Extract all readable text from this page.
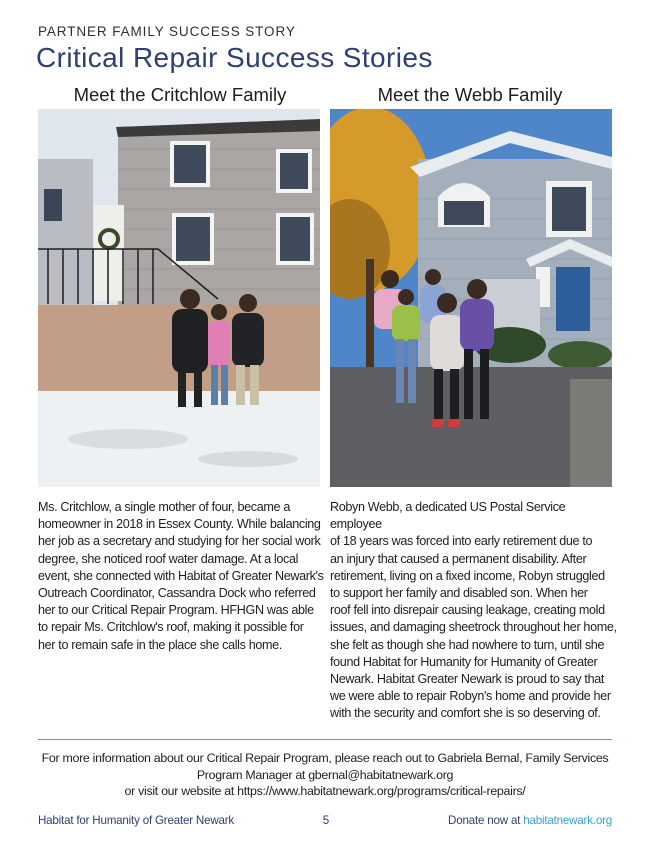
PARTNER FAMILY SUCCESS STORY
Critical Repair Success Stories
Meet the Critchlow Family
Ms. Critchlow, a single mother of four, became a
homeowner in 2018 in Essex County. While balancing
her job as a secretary and studying for her social work
degree, she noticed roof water damage. At a local
event, she connected with Habitat of Greater Newark's
Outreach Coordinator, Cassandra Dock who referred
her to our Critical Repair Program. HFHGN was able
to repair Ms. Critchlow's roof, making it possible for
her to remain safe in the place she calls home.
Meet the Webb Family
Robyn Webb, a dedicated US Postal Service employee
of 18 years was forced into early retirement due to
an injury that caused a permanent disability. After
retirement, living on a fixed income, Robyn struggled
to support her family and disabled son. When her
roof fell into disrepair causing leakage, creating mold
issues, and damaging sheetrock throughout her home,
she felt as though she had nowhere to turn, until she
found Habitat for Humanity for Humanity of Greater
Newark. Habitat Greater Newark is proud to say that
we were able to repair Robyn's home and provide her
with the security and comfort she is so deserving of.

For more information about our Critical Repair Program, please reach out to Gabriela Bernal, Family Services

Program Manager at gbernal@habitatnewark.org

or visit our website at https://www.habitatnewark.org/programs/critical-repairs/

Habitat for Humanity of Greater Newark	5	Donate now at habitatnewark.org
